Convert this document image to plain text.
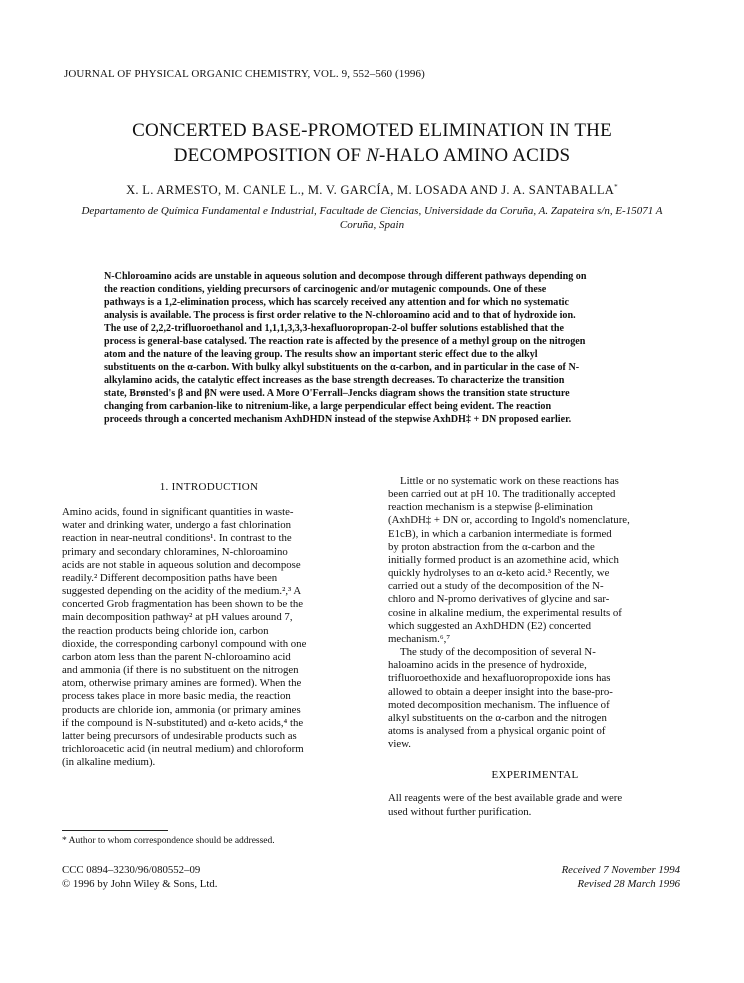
JOURNAL OF PHYSICAL ORGANIC CHEMISTRY, VOL. 9, 552–560 (1996)
CONCERTED BASE-PROMOTED ELIMINATION IN THE
DECOMPOSITION OF N-HALO AMINO ACIDS
X. L. ARMESTO, M. CANLE L., M. V. GARCÍA, M. LOSADA AND J. A. SANTABALLA*
Departamento de Química Fundamental e Industrial, Facultade de Ciencias, Universidade da Coruña, A. Zapateira s/n, E-15071 A
Coruña, Spain
N-Chloroamino acids are unstable in aqueous solution and decompose through different pathways depending on
the reaction conditions, yielding precursors of carcinogenic and/or mutagenic compounds. One of these
pathways is a 1,2-elimination process, which has scarcely received any attention and for which no systematic
analysis is available. The process is first order relative to the N-chloroamino acid and to that of hydroxide ion.
The use of 2,2,2-trifluoroethanol and 1,1,1,3,3,3-hexafluoropropan-2-ol buffer solutions established that the
process is general-base catalysed. The reaction rate is affected by the presence of a methyl group on the nitrogen
atom and the nature of the leaving group. The results show an important steric effect due to the alkyl
substituents on the α-carbon. With bulky alkyl substituents on the α-carbon, and in particular in the case of N-
alkylamino acids, the catalytic effect increases as the base strength decreases. To characterize the transition
state, Brønsted's β and βN were used. A More O'Ferrall–Jencks diagram shows the transition state structure
changing from carbanion-like to nitrenium-like, a large perpendicular effect being evident. The reaction
proceeds through a concerted mechanism AxhDHDN instead of the stepwise AxhDH‡ + DN proposed earlier.
1. INTRODUCTION
Amino acids, found in significant quantities in waste-
water and drinking water, undergo a fast chlorination
reaction in near-neutral conditions¹. In contrast to the
primary and secondary chloramines, N-chloroamino
acids are not stable in aqueous solution and decompose
readily.² Different decomposition paths have been
suggested depending on the acidity of the medium.²,³ A
concerted Grob fragmentation has been shown to be the
main decomposition pathway² at pH values around 7,
the reaction products being chloride ion, carbon
dioxide, the corresponding carbonyl compound with one
carbon atom less than the parent N-chloroamino acid
and ammonia (if there is no substituent on the nitrogen
atom, otherwise primary amines are formed). When the
process takes place in more basic media, the reaction
products are chloride ion, ammonia (or primary amines
if the compound is N-substituted) and α-keto acids,⁴ the
latter being precursors of undesirable products such as
trichloroacetic acid (in neutral medium) and chloroform
(in alkaline medium).
Little or no systematic work on these reactions has
been carried out at pH 10. The traditionally accepted
reaction mechanism is a stepwise β-elimination
(AxhDH‡ + DN or, according to Ingold's nomenclature,
E1cB), in which a carbanion intermediate is formed
by proton abstraction from the α-carbon and the
initially formed product is an azomethine acid, which
quickly hydrolyses to an α-keto acid.³ Recently, we
carried out a study of the decomposition of the N-
chloro and N-promo derivatives of glycine and sar-
cosine in alkaline medium, the experimental results of
which suggested an AxhDHDN (E2) concerted
mechanism.⁶,⁷
The study of the decomposition of several N-
haloamino acids in the presence of hydroxide,
trifluoroethoxide and hexafluoropropoxide ions has
allowed to obtain a deeper insight into the base-pro-
moted decomposition mechanism. The influence of
alkyl substituents on the α-carbon and the nitrogen
atoms is analysed from a physical organic point of
view.
EXPERIMENTAL
All reagents were of the best available grade and were
used without further purification.
* Author to whom correspondence should be addressed.
CCC 0894–3230/96/080552–09
© 1996 by John Wiley & Sons, Ltd.
Received 7 November 1994
Revised 28 March 1996
